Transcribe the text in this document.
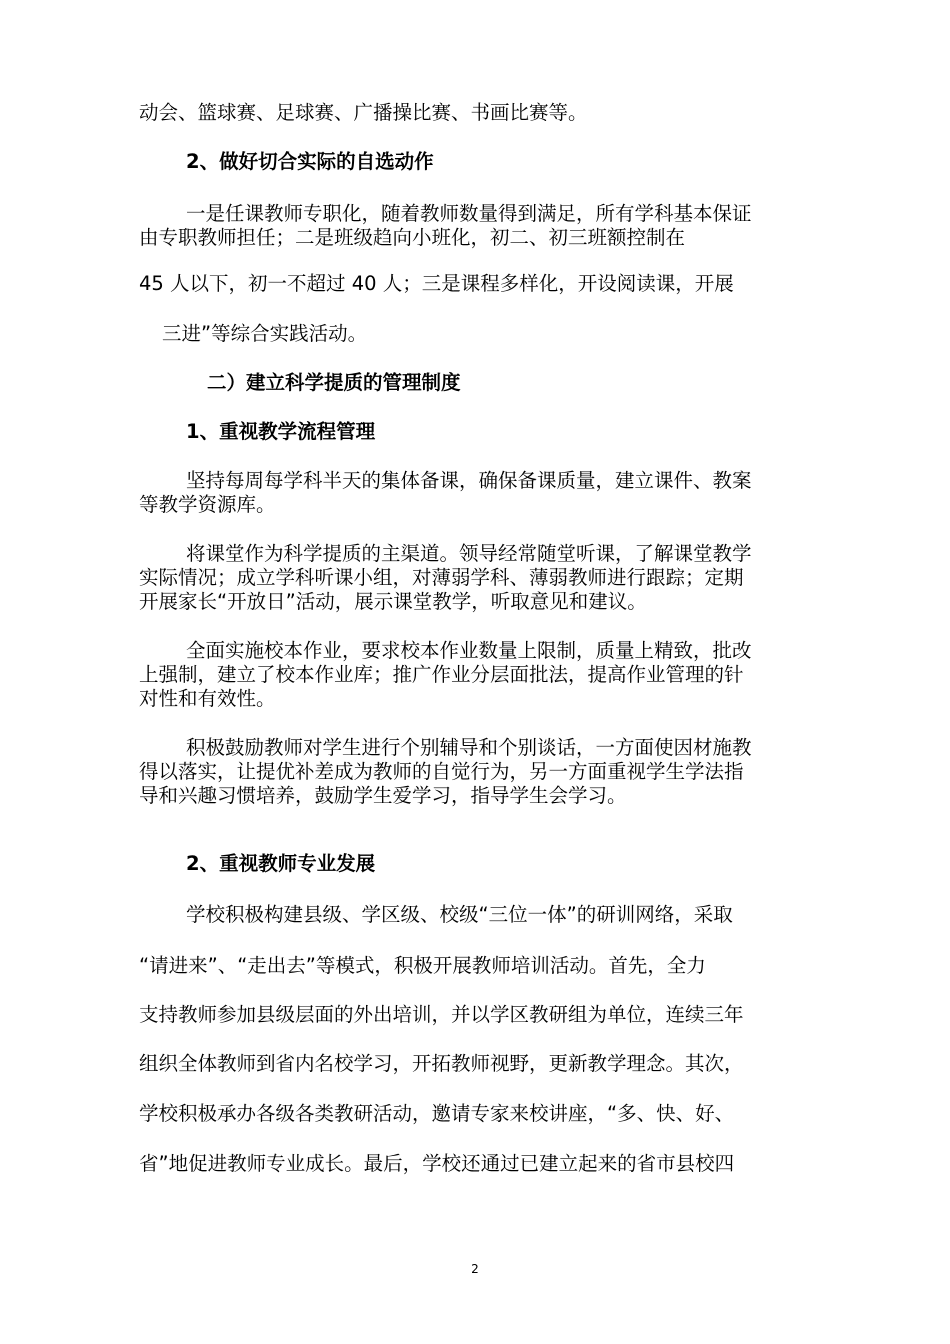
动会、篮球赛、足球赛、广播操比赛、书画比赛等。

2、做好切合实际的自选动作

一是任课教师专职化，随着教师数量得到满足，所有学科基本保证

由专职教师担任；二是班级趋向小班化，初二、初三班额控制在

45 人以下，初一不超过 40 人；三是课程多样化，开设阅读课，开展

三进”等综合实践活动。

二）建立科学提质的管理制度

1、重视教学流程管理

坚持每周每学科半天的集体备课，确保备课质量，建立课件、教案

等教学资源库。

将课堂作为科学提质的主渠道。领导经常随堂听课，了解课堂教学

实际情况；成立学科听课小组，对薄弱学科、薄弱教师进行跟踪；定期

开展家长“开放日”活动，展示课堂教学，听取意见和建议。

全面实施校本作业，要求校本作业数量上限制，质量上精致，批改

上强制，建立了校本作业库；推广作业分层面批法，提高作业管理的针

对性和有效性。

积极鼓励教师对学生进行个别辅导和个别谈话，一方面使因材施教

得以落实，让提优补差成为教师的自觉行为，另一方面重视学生学法指

导和兴趣习惯培养，鼓励学生爱学习，指导学生会学习。

2、重视教师专业发展

学校积极构建县级、学区级、校级“三位一体”的研训网络，采取

“请进来”、“走出去”等模式，积极开展教师培训活动。首先，全力

支持教师参加县级层面的外出培训，并以学区教研组为单位，连续三年

组织全体教师到省内名校学习，开拓教师视野，更新教学理念。其次，

学校积极承办各级各类教研活动，邀请专家来校讲座，“多、快、好、

省”地促进教师专业成长。最后，学校还通过已建立起来的省市县校四

2
